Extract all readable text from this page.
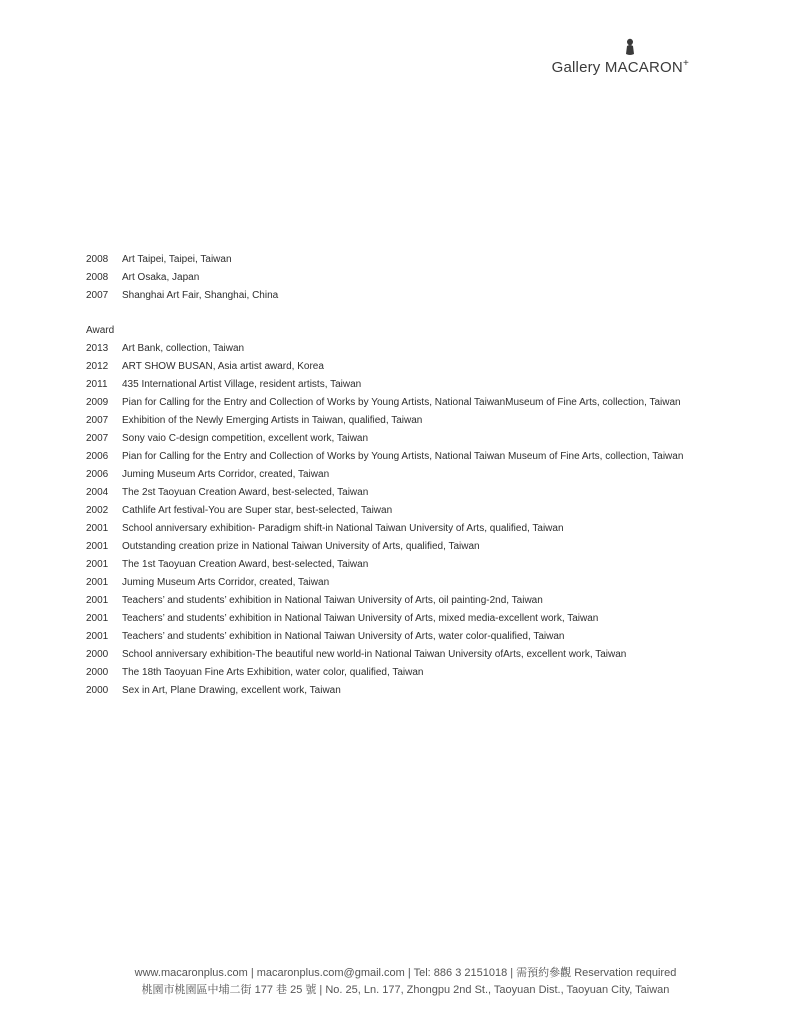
Gallery MACARON+
2008	Art Taipei, Taipei, Taiwan
2008	Art Osaka, Japan
2007	Shanghai Art Fair, Shanghai, China
Award
2013	Art Bank, collection, Taiwan
2012	ART SHOW BUSAN, Asia artist award, Korea
2011	435 International Artist Village, resident artists, Taiwan
2009	Pian for Calling for the Entry and Collection of Works by Young Artists, National TaiwanMuseum of Fine Arts, collection, Taiwan
2007	Exhibition of the Newly Emerging Artists in Taiwan, qualified, Taiwan
2007	Sony vaio C-design competition, excellent work, Taiwan
2006	Pian for Calling for the Entry and Collection of Works by Young Artists, National Taiwan Museum of Fine Arts, collection, Taiwan
2006	Juming Museum Arts Corridor, created, Taiwan
2004	The 2st Taoyuan Creation Award, best-selected, Taiwan
2002	Cathlife Art festival-You are Super star, best-selected, Taiwan
2001	School anniversary exhibition- Paradigm shift-in National Taiwan University of Arts, qualified, Taiwan
2001	Outstanding creation prize in National Taiwan University of Arts, qualified, Taiwan
2001	The 1st Taoyuan Creation Award, best-selected, Taiwan
2001	Juming Museum Arts Corridor, created, Taiwan
2001	Teachers’ and students’ exhibition in National Taiwan University of Arts, oil painting-2nd, Taiwan
2001	Teachers’ and students’ exhibition in National Taiwan University of Arts, mixed media-excellent work, Taiwan
2001	Teachers’ and students’ exhibition in National Taiwan University of Arts, water color-qualified, Taiwan
2000	School anniversary exhibition-The beautiful new world-in National Taiwan University ofArts, excellent work, Taiwan
2000	The 18th Taoyuan Fine Arts Exhibition, water color, qualified, Taiwan
2000	Sex in Art, Plane Drawing, excellent work, Taiwan
www.macaronplus.com | macaronplus.com@gmail.com | Tel: 886 3 2151018 | 需預約參觀 Reservation required
桃園市桃園區中埔二街 177 巷 25 號 | No. 25, Ln. 177, Zhongpu 2nd St., Taoyuan Dist., Taoyuan City, Taiwan
